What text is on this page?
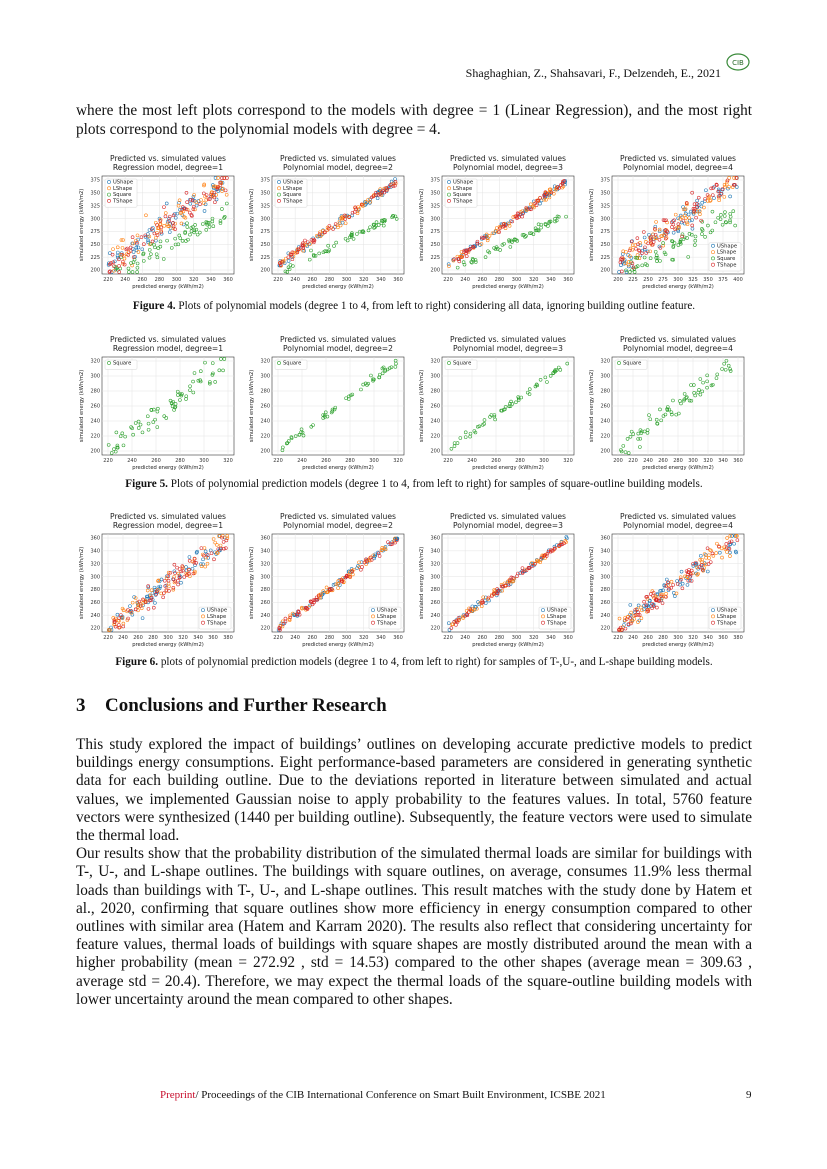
Shaghaghian, Z., Shahsavari, F., Delzendeh, E., 2021
CIB
where the most left plots correspond to the models with degree = 1 (Linear Regression), and the most right plots correspond to the polynomial models with degree = 4.
Predicted vs. simulated values
Regression model, degree=1
200
225
250
275
300
325
350
375
220 240 260 280 300 320 340 360
predicted energy (kWh/m2)
simulated energy (kWh/m2)
UShape
LShape
Square
TShape
Predicted vs. simulated values
Polynomial model, degree=2
200
225
250
275
300
325
350
375
220 240 260 280 300 320 340 360
predicted energy (kWh/m2)
simulated energy (kWh/m2)
UShape
LShape
Square
TShape
Predicted vs. simulated values
Polynomial model, degree=3
200
225
250
275
300
325
350
375
220 240 260 280 300 320 340 360
predicted energy (kWh/m2)
simulated energy (kWh/m2)
UShape
LShape
Square
TShape
Predicted vs. simulated values
Polynomial model, degree=4
200
225
250
275
300
325
350
375
200 225 250 275 300 325 350 375 400
predicted energy (kWh/m2)
simulated energy (kWh/m2)	UShape
LShape
Square
TShape
Figure 4. Plots of polynomial models (degree 1 to 4, from left to right) considering all data, ignoring building outline feature.
Predicted vs. simulated values
Regression model, degree=1
200
220
240
260
280
300
320
220	240	260	280	300	320
predicted energy (kWh/m2)
simulated energy (kWh/m2)
Square
Predicted vs. simulated values
Polynomial model, degree=2
200
220
240
260
280
300
320
220	240	260	280	300	320
predicted energy (kWh/m2)
simulated energy (kWh/m2)
Square
Predicted vs. simulated values
Polynomial model, degree=3
200
220
240
260
280
300
320
220	240	260	280	300	320
predicted energy (kWh/m2)
simulated energy (kWh/m2)
Square
Predicted vs. simulated values
Polynomial model, degree=4
200
220
240
260
280
300
320
200 220 240 260 280 300 320 340 360
predicted energy (kWh/m2)
simulated energy (kWh/m2)
Square
Figure 5. Plots of polynomial prediction models (degree 1 to 4, from left to right) for samples of square-outline building models.
Predicted vs. simulated values
Regression model, degree=1
220
240
260
280
300
320
340
360
220 240 260 280 300 320 340 360 380
predicted energy (kWh/m2)
simulated energy (kWh/m2)	UShape
LShape
TShape
Predicted vs. simulated values
Polynomial model, degree=2
220
240
260
280
300
320
340
360
220 240 260 280 300 320 340 360
predicted energy (kWh/m2)
simulated energy (kWh/m2)	UShape
LShape
TShape
Predicted vs. simulated values
Polynomial model, degree=3
220
240
260
280
300
320
340
360
220 240 260 280 300 320 340 360
predicted energy (kWh/m2)
simulated energy (kWh/m2)	UShape
LShape
TShape
Predicted vs. simulated values
Polynomial model, degree=4
220
240
260
280
300
320
340
360
220 240 260 280 300 320 340 360 380
predicted energy (kWh/m2)
simulated energy (kWh/m2)	UShape
LShape
TShape
Figure 6. plots of polynomial prediction models (degree 1 to 4, from left to right) for samples of T-,U-, and L-shape building models.
3 Conclusions and Further Research

This study explored the impact of buildings’ outlines on developing accurate predictive models to predict buildings energy consumptions. Eight performance-based parameters are considered in generating synthetic data for each building outline. Due to the deviations reported in literature between simulated and actual values, we implemented Gaussian noise to apply probability to the features values. In total, 5760 feature vectors were synthesized (1440 per building outline). Subsequently, the feature vectors were used to simulate the thermal load.

Our results show that the probability distribution of the simulated thermal loads are similar for buildings with T-, U-, and L-shape outlines. The buildings with square outlines, on average, consumes 11.9% less thermal loads than buildings with T-, U-, and L-shape outlines. This result matches with the study done by Hatem et al., 2020, confirming that square outlines show more efficiency in energy consumption compared to other outlines with similar area (Hatem and Karram 2020). The results also reflect that considering uncertainty for feature values, thermal loads of buildings with square shapes are mostly distributed around the mean with a higher probability (mean = 272.92 , std = 14.53) compared to the other shapes (average mean = 309.63 , average std = 20.4). Therefore, we may expect the thermal loads of the square-outline building models with lower uncertainty around the mean compared to other shapes.

Preprint/ Proceedings of the CIB International Conference on Smart Built Environment, ICSBE 2021	9
